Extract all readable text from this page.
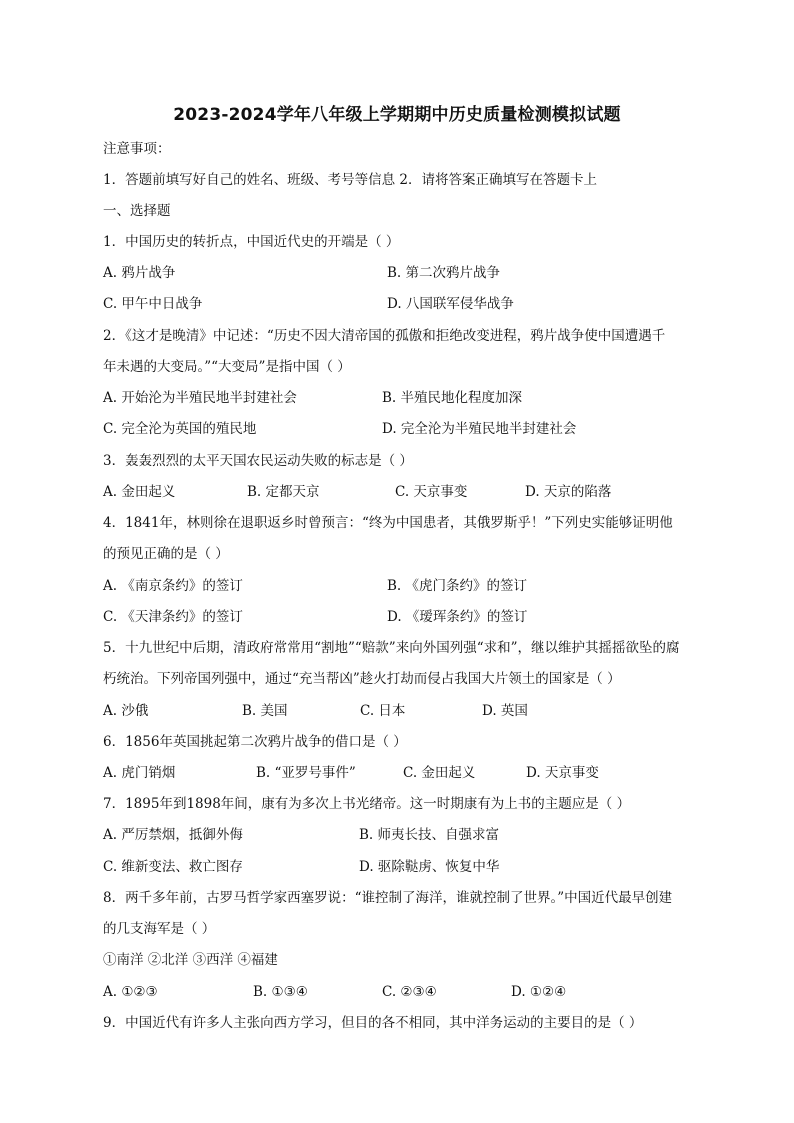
2023-2024学年八年级上学期期中历史质量检测模拟试题
注意事项：
1．答题前填写好自己的姓名、班级、考号等信息 2．请将答案正确填写在答题卡上
一、选择题
1．中国历史的转折点，中国近代史的开端是（ ）
A. 鸦片战争	B. 第二次鸦片战争
C. 甲午中日战争	D. 八国联军侵华战争
2．《这才是晚清》中记述：“历史不因大清帝国的孤傲和拒绝改变进程，鸦片战争使中国遭遇千
年未遇的大变局。”“大变局”是指中国（ ）
A. 开始沦为半殖民地半封建社会	B. 半殖民地化程度加深
C. 完全沦为英国的殖民地	D. 完全沦为半殖民地半封建社会
3．轰轰烈烈的太平天国农民运动失败的标志是（ ）
A. 金田起义	B. 定都天京	C. 天京事变	D. 天京的陷落
4．1841年，林则徐在退职返乡时曾预言：“终为中国患者，其俄罗斯乎！”下列史实能够证明他
的预见正确的是（ ）
A. 《南京条约》的签订	B. 《虎门条约》的签订
C. 《天津条约》的签订	D. 《瑷珲条约》的签订
5．十九世纪中后期，清政府常常用“割地”“赔款”来向外国列强“求和”，继以维护其摇摇欲坠的腐
朽统治。下列帝国列强中，通过“充当帮凶”趁火打劫而侵占我国大片领土的国家是（ ）
A. 沙俄	B. 美国	C. 日本	D. 英国
6．1856年英国挑起第二次鸦片战争的借口是（ ）
A. 虎门销烟	B. “亚罗号事件”	C. 金田起义	D. 天京事变
7．1895年到1898年间，康有为多次上书光绪帝。这一时期康有为上书的主题应是（ ）
A. 严厉禁烟，抵御外侮	B. 师夷长技、自强求富
C. 维新变法、救亡图存	D. 驱除鞑虏、恢复中华
8．两千多年前，古罗马哲学家西塞罗说：“谁控制了海洋，谁就控制了世界。”中国近代最早创建
的几支海军是（ ）
①南洋 ②北洋 ③西洋 ④福建
A. ①②③	B. ①③④	C. ②③④	D. ①②④
9．中国近代有许多人主张向西方学习，但目的各不相同，其中洋务运动的主要目的是（ ）
